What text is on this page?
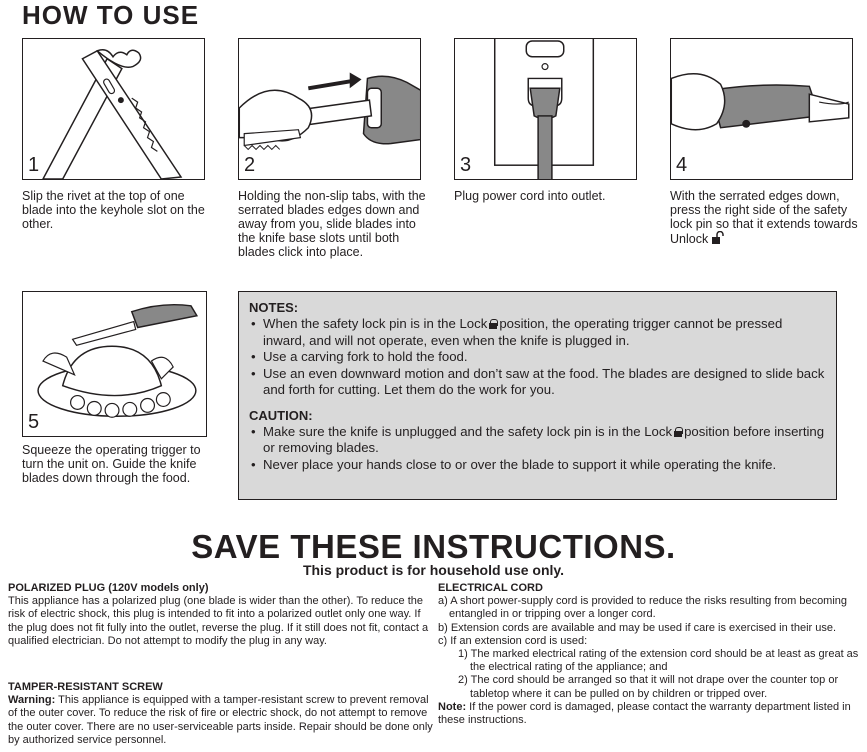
HOW TO USE
1
Slip the rivet at the top of one blade into the keyhole slot on the other.
2
Holding the non-slip tabs, with the serrated blades edges down and away from you, slide blades into the knife base slots until both blades click into place.
3
Plug power cord into outlet.
4
With the serrated edges down, press the right side of the safety lock pin so that it extends towards Unlock
5
Squeeze the operating trigger to turn the unit on. Guide the knife blades down through the food.
NOTES:
• When the safety lock pin is in the Lock position, the operating trigger cannot be pressed inward, and will not operate, even when the knife is plugged in.
• Use a carving fork to hold the food.
• Use an even downward motion and don’t saw at the food. The blades are designed to slide back and forth for cutting. Let them do the work for you.
CAUTION:
• Make sure the knife is unplugged and the safety lock pin is in the Lock position before inserting or removing blades.
• Never place your hands close to or over the blade to support it while operating the knife.
SAVE THESE INSTRUCTIONS.
This product is for household use only.
POLARIZED PLUG (120V models only)

This appliance has a polarized plug (one blade is wider than the other). To reduce the risk of electric shock, this plug is intended to fit into a polarized outlet only one way. If the plug does not fit fully into the outlet, reverse the plug. If it still does not fit, contact a qualified electrician. Do not attempt to modify the plug in any way.

TAMPER-RESISTANT SCREW

Warning: This appliance is equipped with a tamper-resistant screw to prevent removal of the outer cover. To reduce the risk of fire or electric shock, do not attempt to remove the outer cover. There are no user-serviceable parts inside. Repair should be done only by authorized service personnel.

ELECTRICAL CORD

a) A short power-supply cord is provided to reduce the risks resulting from becoming entangled in or tripping over a longer cord.

b) Extension cords are available and may be used if care is exercised in their use.

c) If an extension cord is used:

1) The marked electrical rating of the extension cord should be at least as great as the electrical rating of the appliance; and

2) The cord should be arranged so that it will not drape over the counter top or tabletop where it can be pulled on by children or tripped over.

Note: If the power cord is damaged, please contact the warranty department listed in these instructions.
